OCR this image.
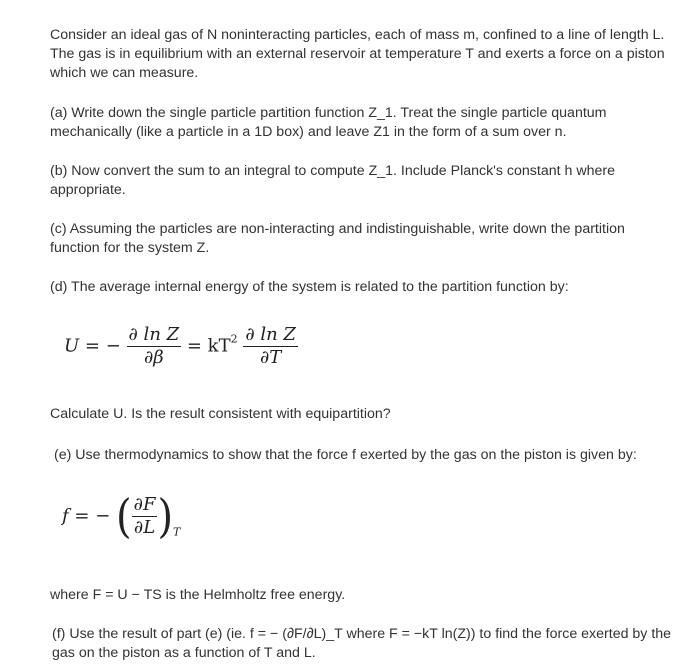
Consider an ideal gas of N noninteracting particles, each of mass m, confined to a line of length L. The gas is in equilibrium with an external reservoir at temperature T and exerts a force on a piston which we can measure.

(a) Write down the single particle partition function Z_1. Treat the single particle quantum mechanically (like a particle in a 1D box) and leave Z1 in the form of a sum over n.

(b) Now convert the sum to an integral to compute Z_1. Include Planck's constant h where appropriate.

(c) Assuming the particles are non-interacting and indistinguishable, write down the partition function for the system Z.

(d) The average internal energy of the system is related to the partition function by:

U = − $\frac{\text{∂ ln Z}}{\partial\beta} = kT^2 \frac{\text{∂ ln Z}}{\partial T}$

Calculate U. Is the result consistent with equipartition?

(e) Use thermodynamics to show that the force f exerted by the gas on the piston is given by:

f = − ( $\frac{\partial F}{\partial L} )_T$

where F = U − TS is the Helmholtz free energy.

(f) Use the result of part (e) (ie. f = − (∂F/∂L)_T where F = −kT ln(Z)) to find the force exerted by the gas on the piston as a function of T and L.
